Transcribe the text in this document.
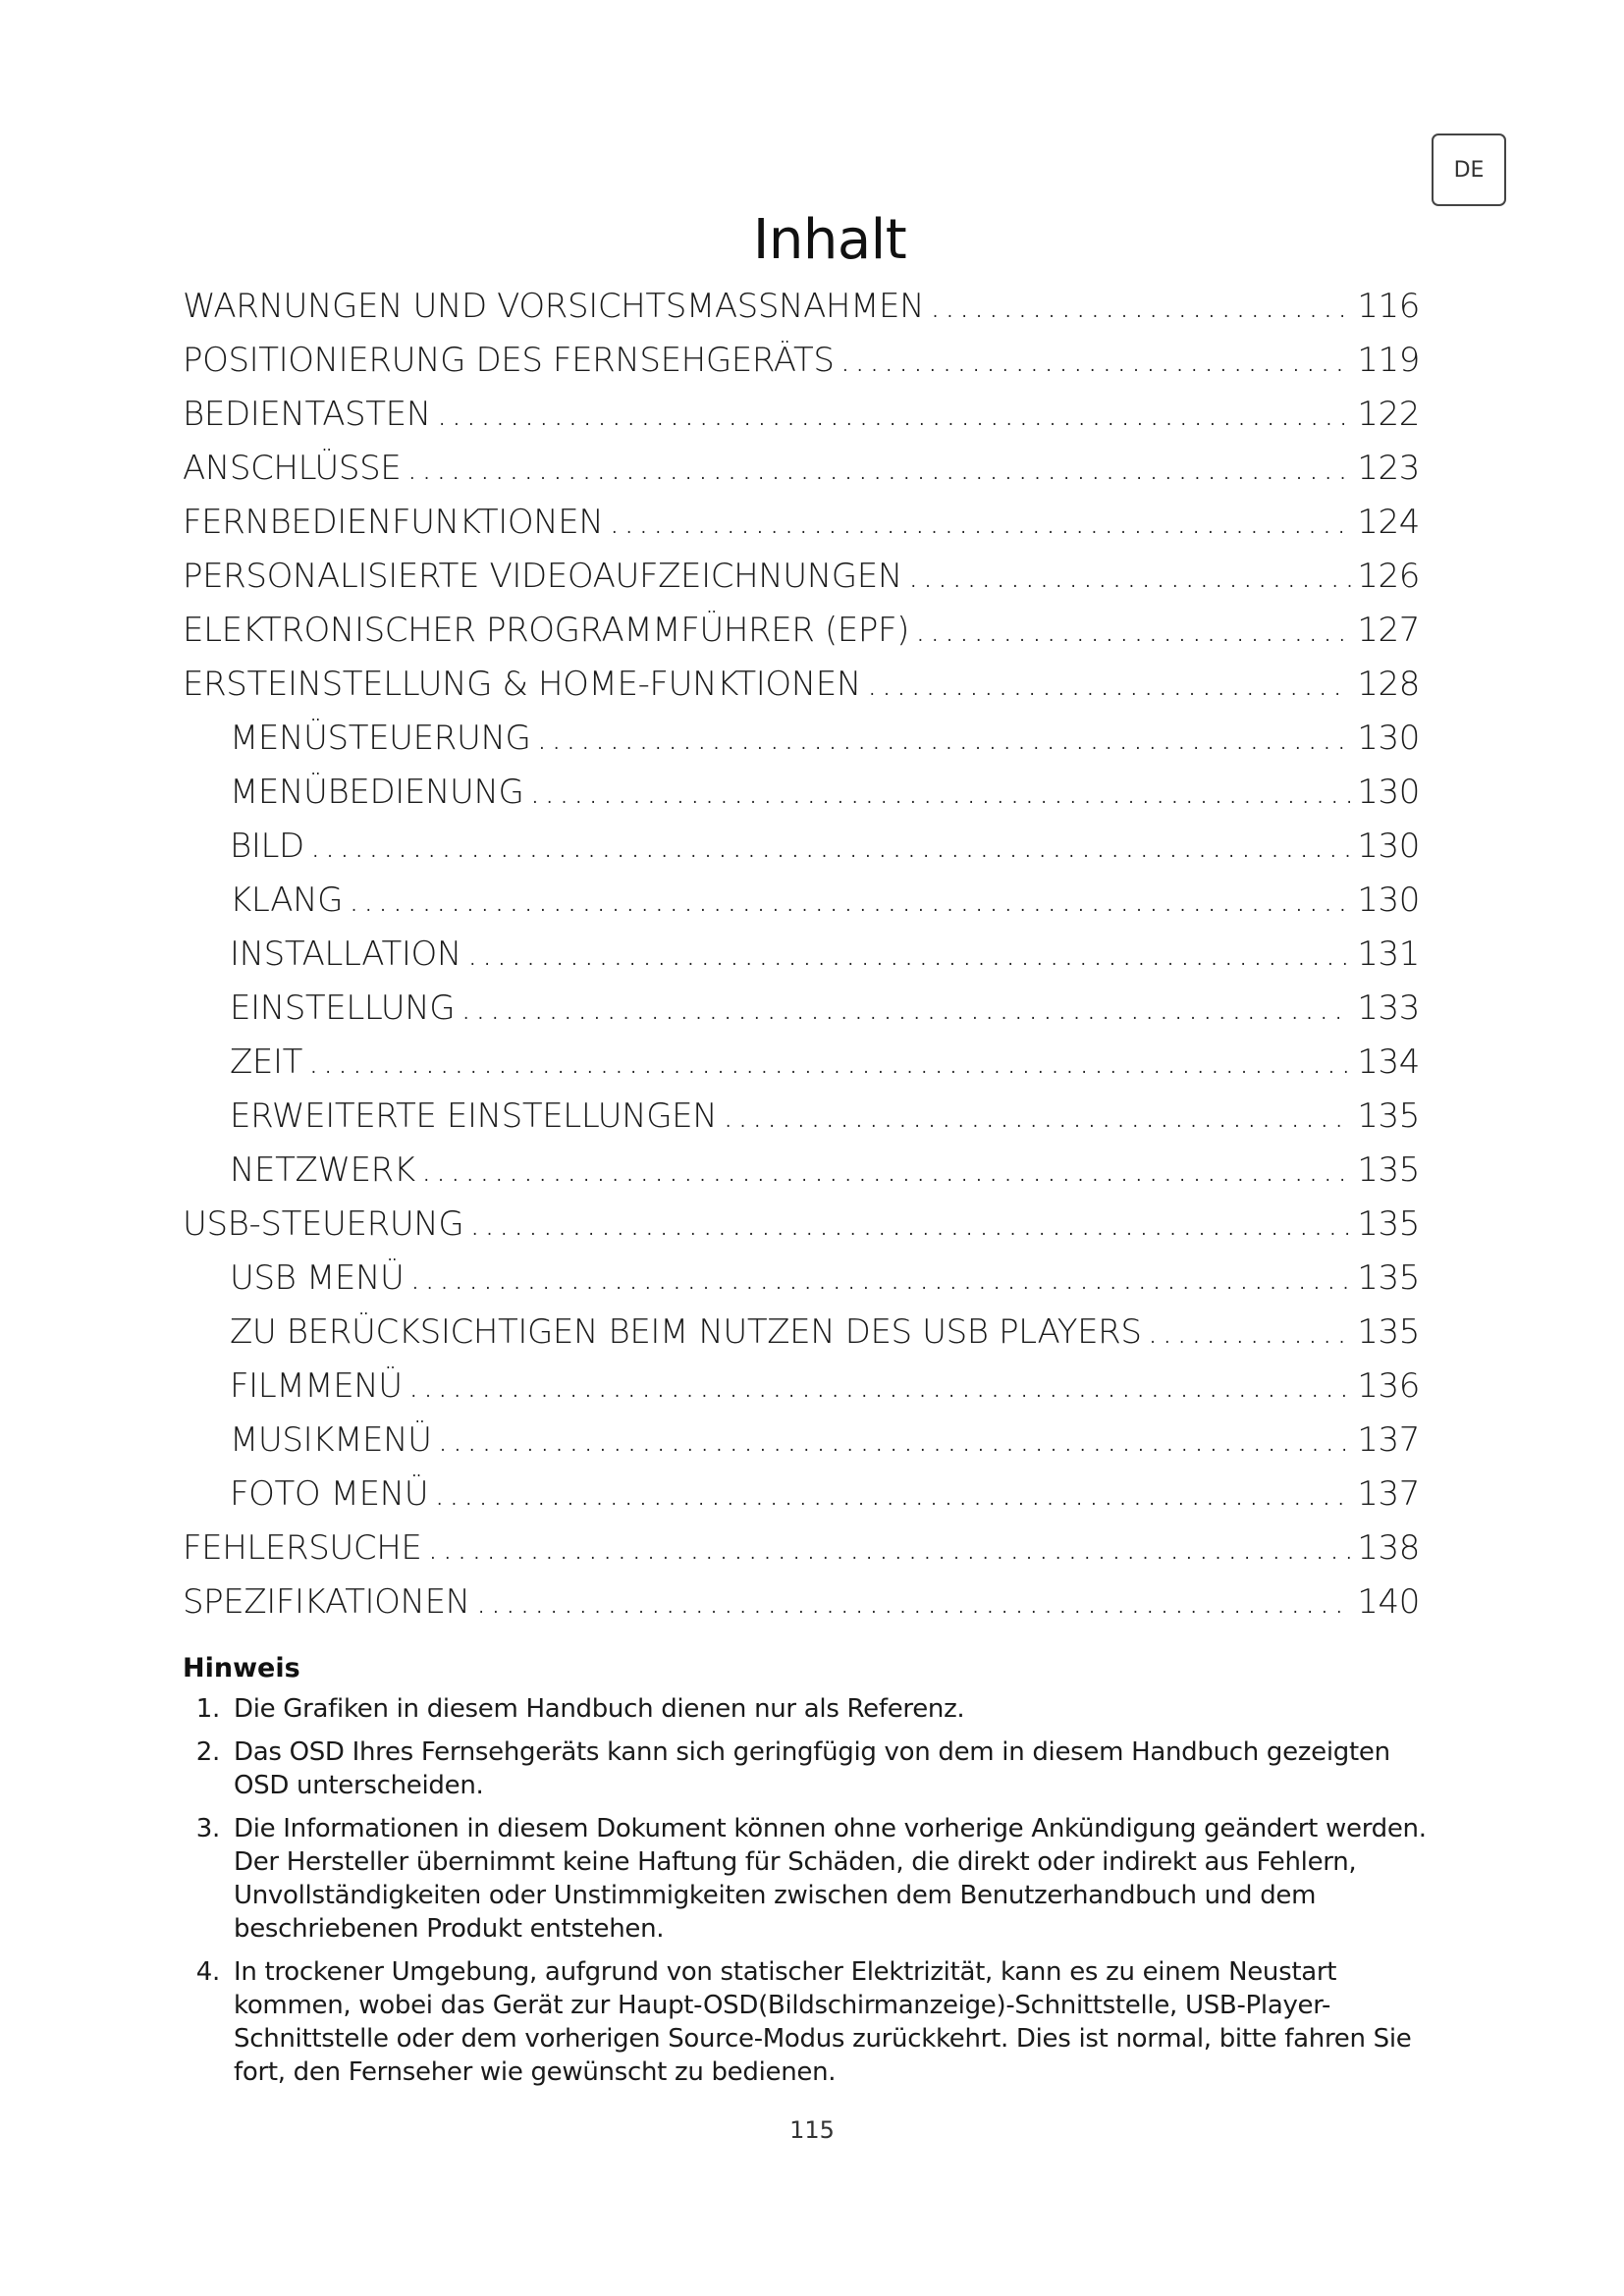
DE
Inhalt
WARNUNGEN UND VORSICHTSMASSNAHMEN .....	116
POSITIONIERUNG DES FERNSEHGERÄTS .....	119
BEDIENTASTEN .....	122
ANSCHLÜSSE .....	123
FERNBEDIENFUNKTIONEN .....	124
PERSONALISIERTE VIDEOAUFZEICHNUNGEN .....	126
ELEKTRONISCHER PROGRAMMFÜHRER (EPF) .....	127
ERSTEINSTELLUNG & HOME-FUNKTIONEN .....	128
MENÜSTEUERUNG .....	130
MENÜBEDIENUNG .....	130
BILD .....	130
KLANG .....	130
INSTALLATION .....	131
EINSTELLUNG .....	133
ZEIT .....	134
ERWEITERTE EINSTELLUNGEN .....	135
NETZWERK .....	135
USB-STEUERUNG .....	135
USB MENÜ .....	135
ZU BERÜCKSICHTIGEN BEIM NUTZEN DES USB PLAYERS .....	135
FILMMENÜ .....	136
MUSIKMENÜ .....	137
FOTO MENÜ .....	137
FEHLERSUCHE .....	138
SPEZIFIKATIONEN .....	140
Hinweis
1. Die Grafiken in diesem Handbuch dienen nur als Referenz.
2. Das OSD Ihres Fernsehgeräts kann sich geringfügig von dem in diesem Handbuch gezeigten OSD unterscheiden.
3. Die Informationen in diesem Dokument können ohne vorherige Ankündigung geändert werden. Der Hersteller übernimmt keine Haftung für Schäden, die direkt oder indirekt aus Fehlern, Unvollständigkeiten oder Unstimmigkeiten zwischen dem Benutzerhandbuch und dem beschriebenen Produkt entstehen.
4. In trockener Umgebung, aufgrund von statischer Elektrizität, kann es zu einem Neustart kommen, wobei das Gerät zur Haupt-OSD(Bildschirmanzeige)-Schnittstelle, USB-Player-Schnittstelle oder dem vorherigen Source-Modus zurückkehrt. Dies ist normal, bitte fahren Sie fort, den Fernseher wie gewünscht zu bedienen.
115
